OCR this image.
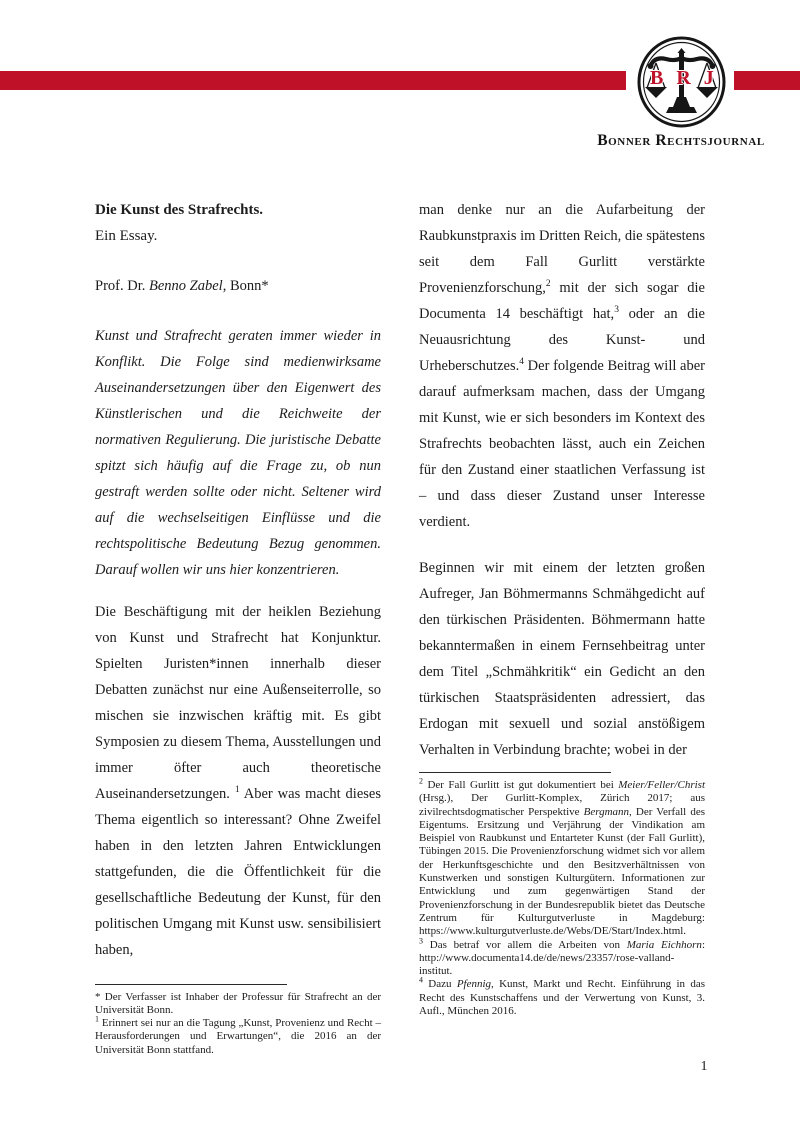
BRJ
Bonner Rechtsjournal
Die Kunst des Strafrechts.
Ein Essay.
Prof. Dr. Benno Zabel, Bonn*

Kunst und Strafrecht geraten immer wieder in Konflikt. Die Folge sind medienwirksame Auseinandersetzungen über den Eigenwert des Künstlerischen und die Reichweite der normativen Regulierung. Die juristische Debatte spitzt sich häufig auf die Frage zu, ob nun gestraft werden sollte oder nicht. Seltener wird auf die wechselseitigen Einflüsse und die rechtspolitische Bedeutung Bezug genommen. Darauf wollen wir uns hier konzentrieren.

Die Beschäftigung mit der heiklen Beziehung von Kunst und Strafrecht hat Konjunktur. Spielten Juristen*innen innerhalb dieser Debatten zunächst nur eine Außenseiterrolle, so mischen sie inzwischen kräftig mit. Es gibt Symposien zu diesem Thema, Ausstellungen und immer öfter auch theoretische Auseinandersetzungen. $^1$ Aber was macht dieses Thema eigentlich so interessant? Ohne Zweifel haben in den letzten Jahren Entwicklungen stattgefunden, die die Öffentlichkeit für die gesellschaftliche Bedeutung der Kunst, für den politischen Umgang mit Kunst usw. sensibilisiert haben,

* Der Verfasser ist Inhaber der Professur für Strafrecht an der Universität Bonn.

$^1$ Erinnert sei nur an die Tagung „Kunst, Provenienz und Recht – Herausforderungen und Erwartungen“, die 2016 an der Universität Bonn stattfand.

man denke nur an die Aufarbeitung der Raubkunstpraxis im Dritten Reich, die spätestens seit dem Fall Gurlitt verstärkte Provenienzforschung,$^2$ mit der sich sogar die Documenta 14 beschäftigt hat,$^3$ oder an die Neuausrichtung des Kunst- und Urheberschutzes.$^4$ Der folgende Beitrag will aber darauf aufmerksam machen, dass der Umgang mit Kunst, wie er sich besonders im Kontext des Strafrechts beobachten lässt, auch ein Zeichen für den Zustand einer staatlichen Verfassung ist – und dass dieser Zustand unser Interesse verdient.

Beginnen wir mit einem der letzten großen Aufreger, Jan Böhmermanns Schmähgedicht auf den türkischen Präsidenten. Böhmermann hatte bekanntermaßen in einem Fernsehbeitrag unter dem Titel „Schmähkritik“ ein Gedicht an den türkischen Staatspräsidenten adressiert, das Erdogan mit sexuell und sozial anstößigem Verhalten in Verbindung brachte; wobei in der

$^2$ Der Fall Gurlitt ist gut dokumentiert bei Meier/Feller/Christ (Hrsg.), Der Gurlitt-Komplex, Zürich 2017; aus zivilrechtsdogmatischer Perspektive Bergmann, Der Verfall des Eigentums. Ersitzung und Verjährung der Vindikation am Beispiel von Raubkunst und Entarteter Kunst (der Fall Gurlitt), Tübingen 2015. Die Provenienzforschung widmet sich vor allem der Herkunftsgeschichte und den Besitzverhältnissen von Kunstwerken und sonstigen Kulturgütern. Informationen zur Entwicklung und zum gegenwärtigen Stand der Provenienzforschung in der Bundesrepublik bietet das Deutsche Zentrum für Kulturgutverluste in Magdeburg: https://www.kulturgutverluste.de/Webs/DE/Start/Index.html.

$^3$ Das betraf vor allem die Arbeiten von Maria Eichhorn: http://www.documenta14.de/de/news/23357/rose-valland-institut.

$^4$ Dazu Pfennig, Kunst, Markt und Recht. Einführung in das Recht des Kunstschaffens und der Verwertung von Kunst, 3. Aufl., München 2016.

1
